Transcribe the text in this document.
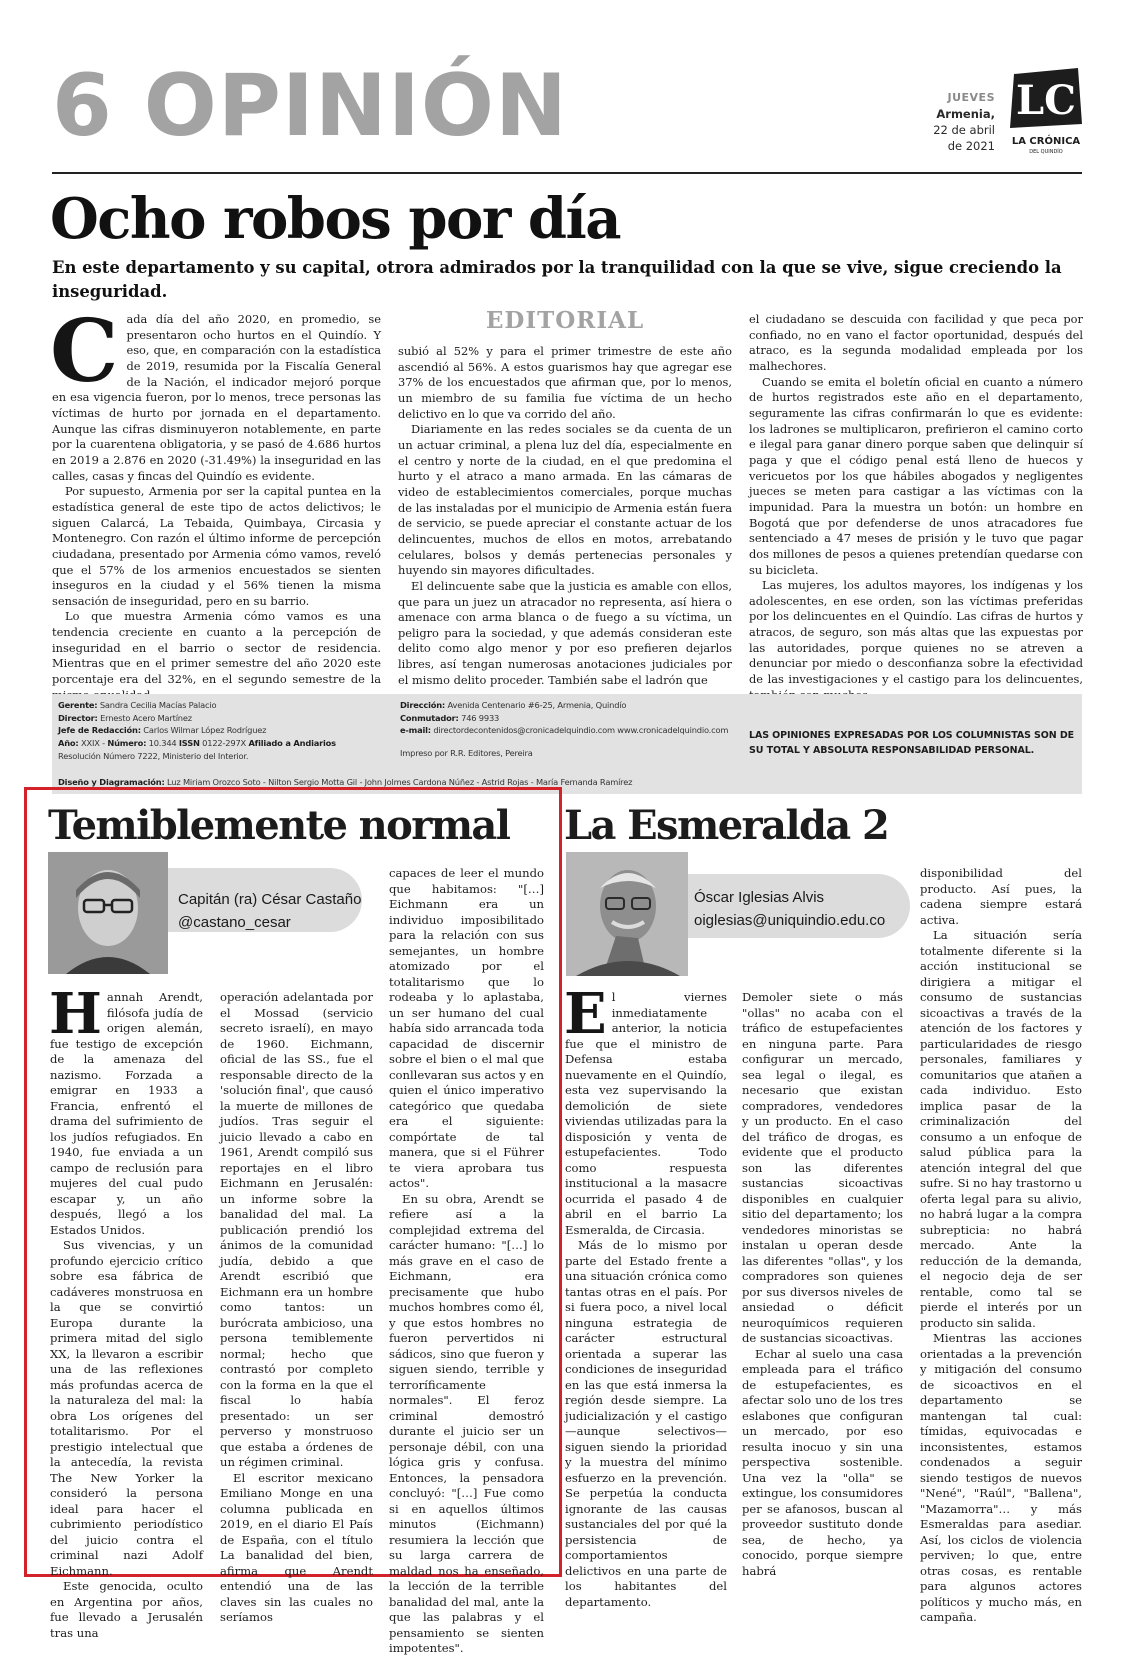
6 OPINIÓN	JUEVES
Armenia,
22 de abril
de 2021
LC
LA CRÓNICA
DEL QUINDÍO
Ocho robos por día
En este departamento y su capital, otrora admirados por la tranquilidad con la que se vive, sigue creciendo la inseguridad.
EDITORIAL

Cada día del año 2020, en promedio, se presentaron ocho hurtos en el Quindío. Y eso, que, en comparación con la estadística de 2019, resumida por la Fiscalía General de la Nación, el indicador mejoró porque en esa vigencia fueron, por lo menos, trece personas las víctimas de hurto por jornada en el departamento. Aunque las cifras disminuyeron notablemente, en parte por la cuarentena obligatoria, y se pasó de 4.686 hurtos en 2019 a 2.876 en 2020 (-31.49%) la inseguridad en las calles, casas y fincas del Quindío es evidente.

Por supuesto, Armenia por ser la capital puntea en la estadística general de este tipo de actos delictivos; le siguen Calarcá, La Tebaida, Quimbaya, Circasia y Montenegro. Con razón el último informe de percepción ciudadana, presentado por Armenia cómo vamos, reveló que el 57% de los armenios encuestados se sienten inseguros en la ciudad y el 56% tienen la misma sensación de inseguridad, pero en su barrio.

Lo que muestra Armenia cómo vamos es una tendencia creciente en cuanto a la percepción de inseguridad en el barrio o sector de residencia. Mientras que en el primer semestre del año 2020 este porcentaje era del 32%, en el segundo semestre de la

subió al 52% y para el primer trimestre de este año ascendió al 56%. A estos guarismos hay que agregar ese 37% de los encuestados que afirman que, por lo menos, un miembro de su familia fue víctima de un hecho delictivo en lo que va corrido del año.

Diariamente en las redes sociales se da cuenta de un un actuar criminal, a plena luz del día, especialmente en el centro y norte de la ciudad, en el que predomina el hurto y el atraco a mano armada. En las cámaras de video de establecimientos comerciales, porque muchas de las instaladas por el municipio de Armenia están fuera de servicio, se puede apreciar el constante actuar de los delincuentes, muchos de ellos en motos, arrebatando celulares, bolsos y demás pertenecias personales y huyendo sin mayores dificultades.

El delincuente sabe que la justicia es amable con ellos, que para un juez un atracador no representa, así hiera o amenace con arma blanca o de fuego a su víctima, un peligro para la sociedad, y que además consideran este delito como algo menor y por eso prefieren dejarlos libres, así tengan numerosas anotaciones judiciales por el mismo delito proceder. También sabe el ladrón que

el ciudadano se descuida con facilidad y que peca por confiado, no en vano el factor oportunidad, después del atraco, es la segunda modalidad empleada por los malhechores.

Cuando se emita el boletín oficial en cuanto a número de hurtos registrados este año en el departamento, seguramente las cifras confirmarán lo que es evidente: los ladrones se multiplicaron, prefirieron el camino corto e ilegal para ganar dinero porque saben que delinquir sí paga y que el código penal está lleno de huecos y vericuetos por los que hábiles abogados y negligentes jueces se meten para castigar a las víctimas con la impunidad. Para la muestra un botón: un hombre en Bogotá que por defenderse de unos atracadores fue sentenciado a 47 meses de prisión y le tuvo que pagar dos millones de pesos a quienes pretendían quedarse con su bicicleta.

Las mujeres, los adultos mayores, los indígenas y los adolescentes, en ese orden, son las víctimas preferidas por los delincuentes en el Quindío. Las cifras de hurtos y atracos, de seguro, son más altas que las expuestas por las autoridades, porque quienes no se atreven a denunciar por miedo o desconfianza sobre la efectividad de las investigaciones y el castigo para los delincuentes,

Gerente: Sandra Cecilia Macías Palacio
Director: Ernesto Acero Martínez
Jefe de Redacción: Carlos Wilmar López Rodríguez
Año: XXIX - Número: 10.344 ISSN 0122-297X Afiliado a Andiarios
Resolución Número 7222, Ministerio del Interior.
Diseño y Diagramación: Luz Miriam Orozco Soto - Nilton Sergio Motta Gil - John Jolmes Cardona Núñez - Astrid Rojas - María Fernanda Ramírez
Dirección: Avenida Centenario #6-25, Armenia, Quindío
Conmutador: 746 9933
e-mail: directordecontenidos@cronicadelquindio.com www.cronicadelquindio.com
Impreso por R.R. Editores, Pereira
LAS OPINIONES EXPRESADAS POR LOS COLUMNISTAS SON DE SU TOTAL Y ABSOLUTA RESPONSABILIDAD PERSONAL.
Temiblemente normal
Capitán (ra) César Castaño
@castano_cesar

Hannah Arendt, filósofa judía de origen alemán, fue testigo de excepción de la amenaza del nazismo. Forzada a emigrar en 1933 a Francia, enfrentó el drama del sufrimiento de los judíos refugiados. En 1940, fue enviada a un campo de reclusión para mujeres del cual pudo escapar y, un año después, llegó a los Estados Unidos.

Sus vivencias, y un profundo ejercicio crítico sobre esa fábrica de cadáveres monstruosa en la que se convirtió Europa durante la primera mitad del siglo XX, la llevaron a escribir una de las reflexiones más profundas acerca de la naturaleza del mal: la obra Los orígenes del totalitarismo. Por el prestigio intelectual que la antecedía, la revista The New Yorker la consideró la persona ideal para hacer el cubrimiento periodístico del juicio contra el criminal nazi Adolf Eichmann.

Este genocida, oculto en Argentina por años, fue llevado a Jerusalén tras una

operación adelantada por el Mossad (servicio secreto israelí), en mayo de 1960. Eichmann, oficial de las SS., fue el responsable directo de la 'solución final', que causó la muerte de millones de judíos. Tras seguir el juicio llevado a cabo en 1961, Arendt compiló sus reportajes en el libro Eichmann en Jerusalén: un informe sobre la banalidad del mal. La publicación prendió los ánimos de la comunidad judía, debido a que Arendt escribió que Eichmann era un hombre como tantos: un burócrata ambicioso, una persona temiblemente normal; hecho que contrastó por completo con la forma en la que el fiscal lo había presentado: un ser perverso y monstruoso que estaba a órdenes de un régimen criminal.

El escritor mexicano Emiliano Monge en una columna publicada en 2019, en el diario El País de España, con el título La banalidad del bien, afirma que Arendt entendió una de las claves sin las cuales no seríamos

capaces de leer el mundo que habitamos: "[…] Eichmann era un individuo imposibilitado para la relación con sus semejantes, un hombre atomizado por el totalitarismo que lo rodeaba y lo aplastaba, un ser humano del cual había sido arrancada toda capacidad de discernir sobre el bien o el mal que conllevaran sus actos y en quien el único imperativo categórico que quedaba era el siguiente: compórtate de tal manera, que si el Führer te viera aprobara tus actos".

En su obra, Arendt se refiere así a la complejidad extrema del carácter humano: "[…] lo más grave en el caso de Eichmann, era precisamente que hubo muchos hombres como él, y que estos hombres no fueron pervertidos ni sádicos, sino que fueron y siguen siendo, terrible y terroríficamente normales". El feroz criminal demostró durante el juicio ser un personaje débil, con una lógica gris y confusa. Entonces, la pensadora concluyó: "[…] Fue como si en aquellos últimos minutos (Eichmann) resumiera la lección que su larga carrera de maldad nos ha enseñado, la lección de la terrible banalidad del mal, ante la que las palabras y el pensamiento se sienten impotentes".

La Esmeralda 2
Óscar Iglesias Alvis
oiglesias@uniquindio.edu.co

El viernes inmediatamente anterior, la noticia fue que el ministro de Defensa estaba nuevamente en el Quindío, esta vez supervisando la demolición de siete viviendas utilizadas para la disposición y venta de estupefacientes. Todo como respuesta institucional a la masacre ocurrida el pasado 4 de abril en el barrio La Esmeralda, de Circasia.

Más de lo mismo por parte del Estado frente a una situación crónica como tantas otras en el país. Por si fuera poco, a nivel local ninguna estrategia de carácter estructural orientada a superar las condiciones de inseguridad en las que está inmersa la región desde siempre. La judicialización y el castigo —aunque selectivos— siguen siendo la prioridad y la muestra del mínimo esfuerzo en la prevención. Se perpetúa la conducta ignorante de las causas sustanciales del por qué la persistencia de comportamientos delictivos en una parte de los habitantes del departamento.

Demoler siete o más "ollas" no acaba con el tráfico de estupefacientes en ninguna parte. Para configurar un mercado, sea legal o ilegal, es necesario que existan compradores, vendedores y un producto. En el caso del tráfico de drogas, es evidente que el producto son las diferentes sustancias sicoactivas disponibles en cualquier sitio del departamento; los vendedores minoristas se instalan u operan desde las diferentes "ollas", y los compradores son quienes por sus diversos niveles de ansiedad o déficit neuroquímicos requieren de sustancias sicoactivas.

Echar al suelo una casa empleada para el tráfico de estupefacientes, es afectar solo uno de los tres eslabones que configuran un mercado, por eso resulta inocuo y sin una perspectiva sostenible. Una vez la "olla" se extingue, los consumidores per se afanosos, buscan al proveedor sustituto donde sea, de hecho, ya conocido, porque siempre habrá

disponibilidad del producto. Así pues, la cadena siempre estará activa.

La situación sería totalmente diferente si la acción institucional se dirigiera a mitigar el consumo de sustancias sicoactivas a través de la atención de los factores y particularidades de riesgo personales, familiares y comunitarios que atañen a cada individuo. Esto implica pasar de la criminalización del consumo a un enfoque de salud pública para la atención integral del que sufre. Si no hay trastorno u oferta legal para su alivio, no habrá lugar a la compra subrepticia: no habrá mercado. Ante la reducción de la demanda, el negocio deja de ser rentable, como tal se pierde el interés por un producto sin salida.

Mientras las acciones orientadas a la prevención y mitigación del consumo de sicoactivos en el departamento se mantengan tal cual: tímidas, equivocadas e inconsistentes, estamos condenados a seguir siendo testigos de nuevos "Nené", "Raúl", "Ballena", "Mazamorra"… y más Esmeraldas para asediar. Así, los ciclos de violencia perviven; lo que, entre otras cosas, es rentable para algunos actores políticos y mucho más, en campaña.
